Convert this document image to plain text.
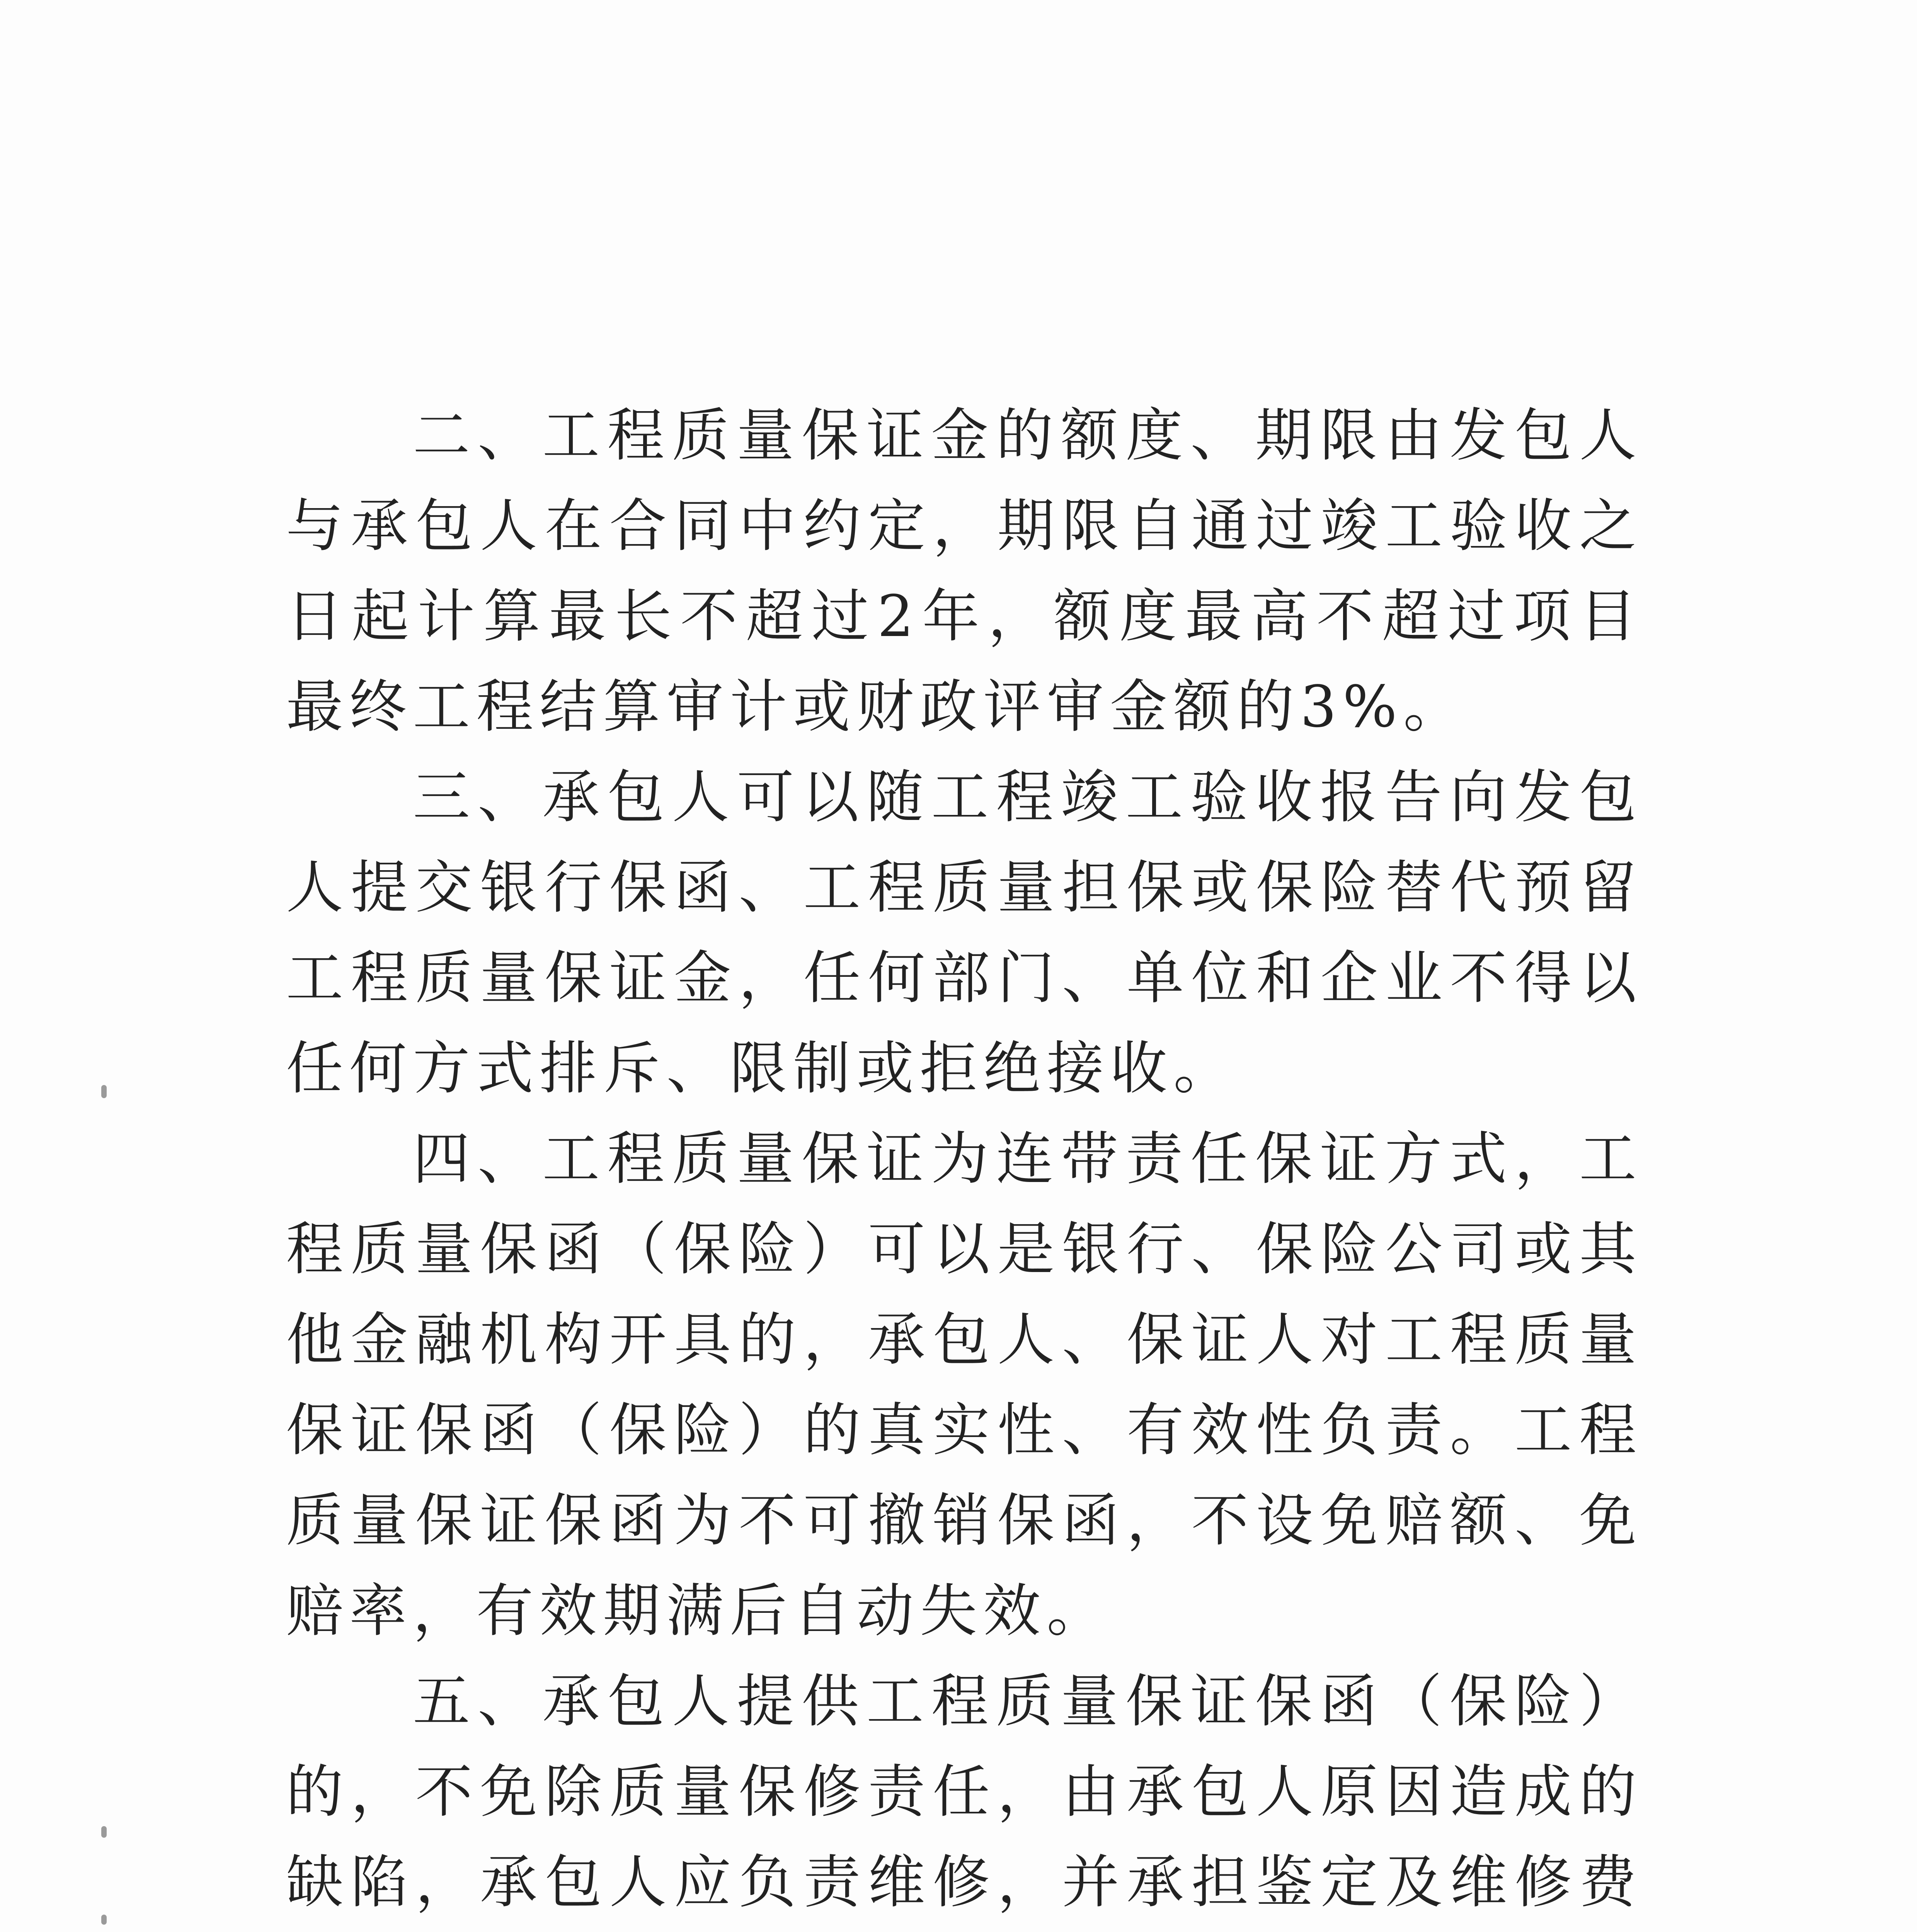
二、工程质量保证金的额度、期限由发包人与承包人在合同中约定，期限自通过竣工验收之日起计算最长不超过2年，额度最高不超过项目最终工程结算审计或财政评审金额的3%。

三、承包人可以随工程竣工验收报告向发包人提交银行保函、工程质量担保或保险替代预留工程质量保证金，任何部门、单位和企业不得以任何方式排斥、限制或拒绝接收。

四、工程质量保证为连带责任保证方式，工程质量保函（保险）可以是银行、保险公司或其他金融机构开具的，承包人、保证人对工程质量保证保函（保险）的真实性、有效性负责。工程质量保证保函为不可撤销保函，不设免赔额、免赔率，有效期满后自动失效。

五、承包人提供工程质量保证保函（保险）的，不免除质量保修责任，由承包人原因造成的缺陷，承包人应负责维修，并承担鉴定及维修费
